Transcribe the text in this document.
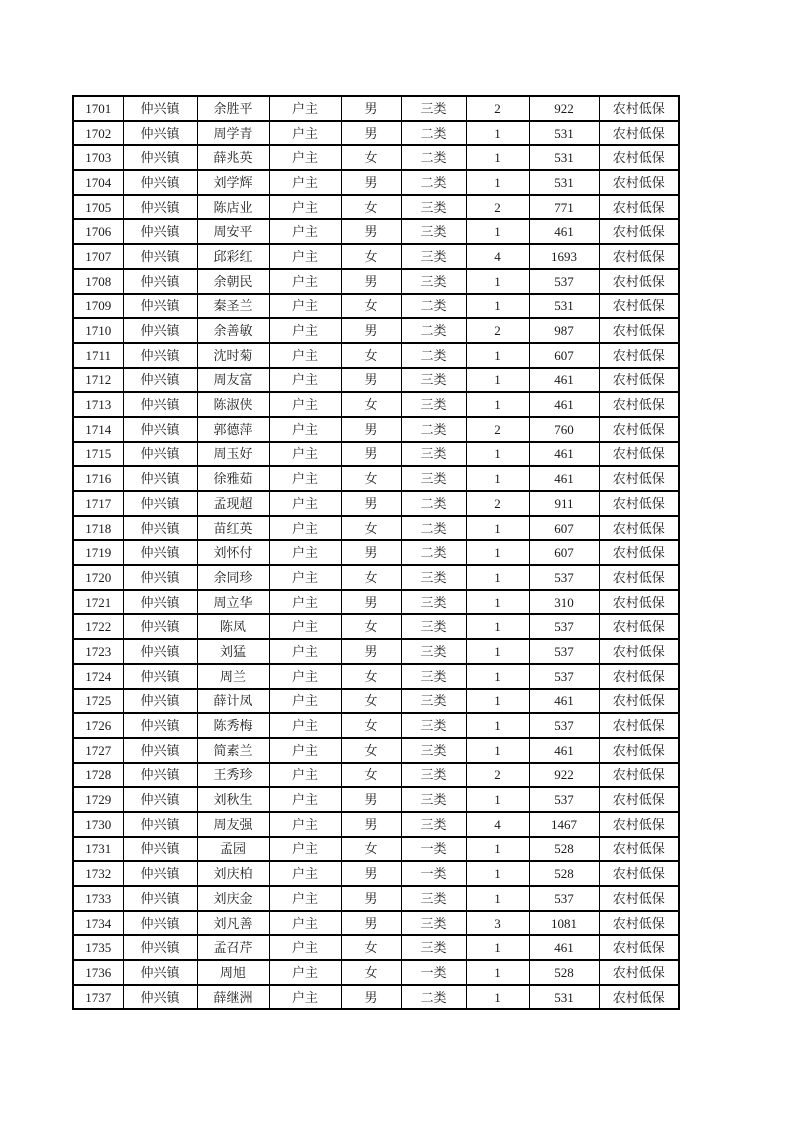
1701	仲兴镇	余胜平	户主	男	三类	2	922	农村低保
1702	仲兴镇	周学青	户主	男	二类	1	531	农村低保
1703	仲兴镇	薛兆英	户主	女	二类	1	531	农村低保
1704	仲兴镇	刘学辉	户主	男	二类	1	531	农村低保
1705	仲兴镇	陈店业	户主	女	三类	2	771	农村低保
1706	仲兴镇	周安平	户主	男	三类	1	461	农村低保
1707	仲兴镇	邱彩红	户主	女	三类	4	1693	农村低保
1708	仲兴镇	余朝民	户主	男	三类	1	537	农村低保
1709	仲兴镇	秦圣兰	户主	女	二类	1	531	农村低保
1710	仲兴镇	余善敏	户主	男	二类	2	987	农村低保
1711	仲兴镇	沈时菊	户主	女	二类	1	607	农村低保
1712	仲兴镇	周友富	户主	男	三类	1	461	农村低保
1713	仲兴镇	陈淑侠	户主	女	三类	1	461	农村低保
1714	仲兴镇	郭德萍	户主	男	二类	2	760	农村低保
1715	仲兴镇	周玉好	户主	男	三类	1	461	农村低保
1716	仲兴镇	徐雅茹	户主	女	三类	1	461	农村低保
1717	仲兴镇	孟现超	户主	男	二类	2	911	农村低保
1718	仲兴镇	苗红英	户主	女	二类	1	607	农村低保
1719	仲兴镇	刘怀付	户主	男	二类	1	607	农村低保
1720	仲兴镇	余同珍	户主	女	三类	1	537	农村低保
1721	仲兴镇	周立华	户主	男	三类	1	310	农村低保
1722	仲兴镇	陈凤	户主	女	三类	1	537	农村低保
1723	仲兴镇	刘猛	户主	男	三类	1	537	农村低保
1724	仲兴镇	周兰	户主	女	三类	1	537	农村低保
1725	仲兴镇	薛计凤	户主	女	三类	1	461	农村低保
1726	仲兴镇	陈秀梅	户主	女	三类	1	537	农村低保
1727	仲兴镇	简素兰	户主	女	三类	1	461	农村低保
1728	仲兴镇	王秀珍	户主	女	三类	2	922	农村低保
1729	仲兴镇	刘秋生	户主	男	三类	1	537	农村低保
1730	仲兴镇	周友强	户主	男	三类	4	1467	农村低保
1731	仲兴镇	孟园	户主	女	一类	1	528	农村低保
1732	仲兴镇	刘庆柏	户主	男	一类	1	528	农村低保
1733	仲兴镇	刘庆金	户主	男	三类	1	537	农村低保
1734	仲兴镇	刘凡善	户主	男	三类	3	1081	农村低保
1735	仲兴镇	孟召芹	户主	女	三类	1	461	农村低保
1736	仲兴镇	周旭	户主	女	一类	1	528	农村低保
1737	仲兴镇	薛继洲	户主	男	二类	1	531	农村低保
